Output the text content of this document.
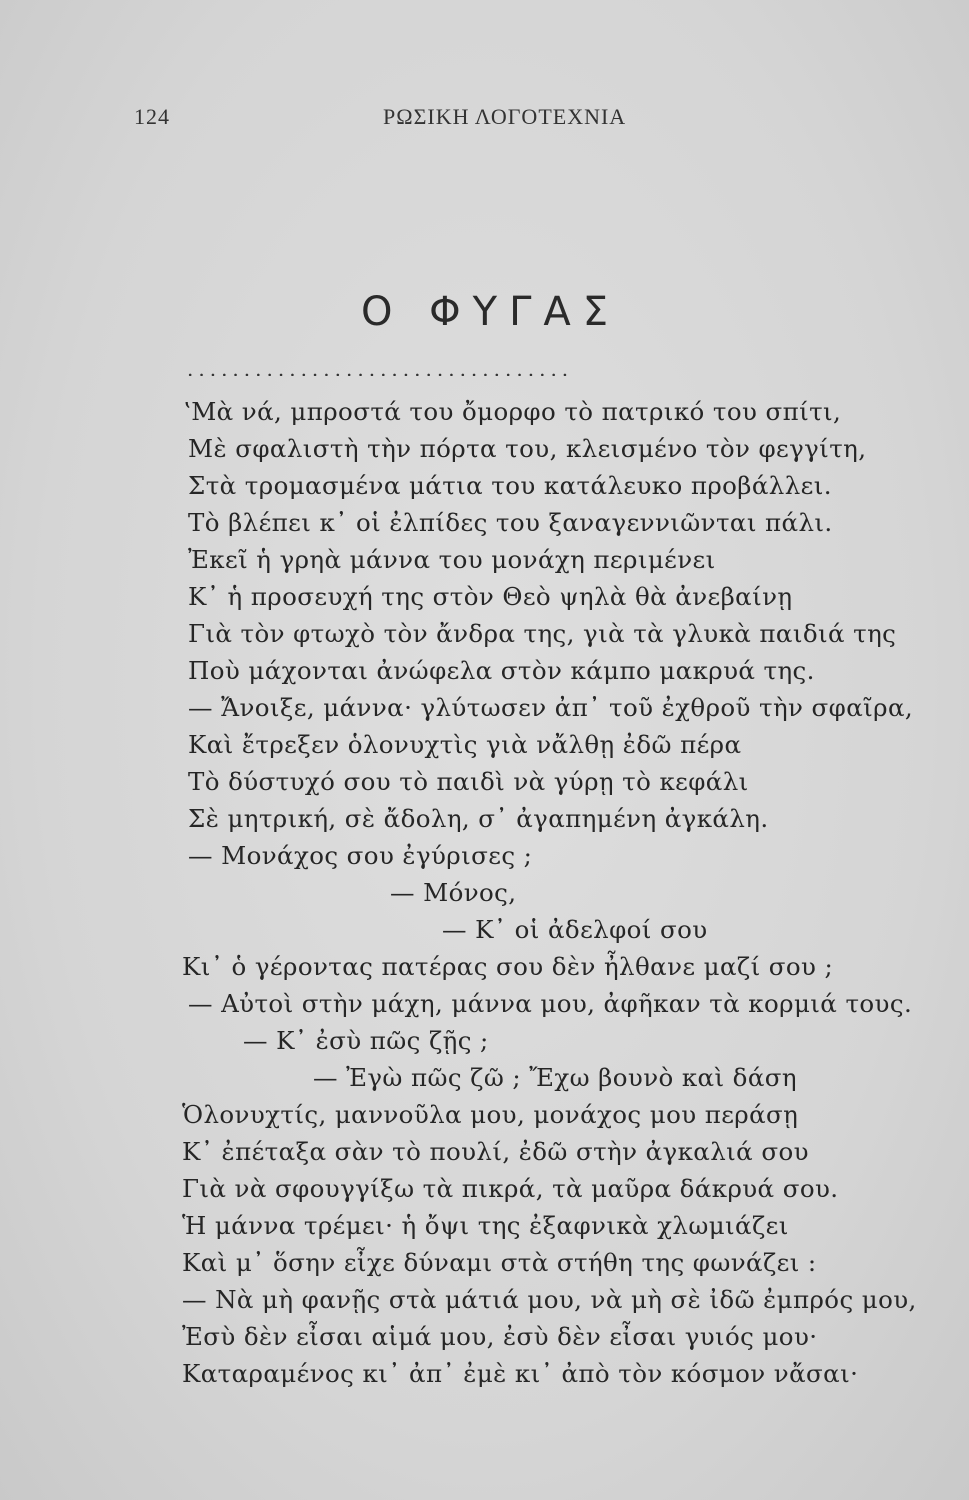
124	ΡΩΣΙΚΗ ΛΟΓΟΤΕΧΝΙΑ
Ο ΦΥΓΑΣ
..................................
ʽΜὰ νά, μπροστά του ὄμορφο τὸ πατρικό του σπίτι,
Μὲ σφαλιστὴ τὴν πόρτα του, κλεισμένο τὸν φεγγίτη,
Στὰ τρομασμένα μάτια του κατάλευκο προβάλλει.
Τὸ βλέπει κ᾽ οἱ ἐλπίδες του ξαναγεννιῶνται πάλι.
Ἐκεῖ ἡ γρηὰ μάννα του μονάχη περιμένει
Κ᾽ ἡ προσευχή της στὸν Θεὸ ψηλὰ θὰ ἀνεβαίνῃ
Γιὰ τὸν φτωχὸ τὸν ἄνδρα της, γιὰ τὰ γλυκὰ παιδιά της
Ποὺ μάχονται ἀνώφελα στὸν κάμπο μακρυά της.
— Ἄνοιξε, μάννα· γλύτωσεν ἀπ᾽ τοῦ ἐχθροῦ τὴν σφαῖρα,
Καὶ ἔτρεξεν ὁλονυχτὶς γιὰ νἄλθῃ ἐδῶ πέρα
Τὸ δύστυχό σου τὸ παιδὶ νὰ γύρῃ τὸ κεφάλι
Σὲ μητρική, σὲ ἄδολη, σ᾽ ἀγαπημένη ἀγκάλη.
— Μονάχος σου ἐγύρισες ;
— Μόνος,
— Κ᾽ οἱ ἀδελφοί σου
Κι᾽ ὁ γέροντας πατέρας σου δὲν ἦλθανε μαζί σου ;
— Αὐτοὶ στὴν μάχη, μάννα μου, ἀφῆκαν τὰ κορμιά τους.
— Κ᾽ ἐσὺ πῶς ζῇς ;
— Ἐγὼ πῶς ζῶ ; Ἔχω βουνὸ καὶ δάση
Ὁλονυχτίς, μαννοῦλα μου, μονάχος μου περάσῃ
Κ᾽ ἐπέταξα σὰν τὸ πουλί, ἐδῶ στὴν ἀγκαλιά σου
Γιὰ νὰ σφουγγίξω τὰ πικρά, τὰ μαῦρα δάκρυά σου.
Ἡ μάννα τρέμει· ἡ ὄψι της ἐξαφνικὰ χλωμιάζει
Καὶ μ᾽ ὅσην εἶχε δύναμι στὰ στήθη της φωνάζει :
— Νὰ μὴ φανῇς στὰ μάτιά μου, νὰ μὴ σὲ ἰδῶ ἐμπρός μου,
Ἐσὺ δὲν εἶσαι αἱμά μου, ἐσὺ δὲν εἶσαι γυιός μου·
Καταραμένος κι᾽ ἀπ᾽ ἐμὲ κι᾽ ἀπὸ τὸν κόσμον νἄσαι·
